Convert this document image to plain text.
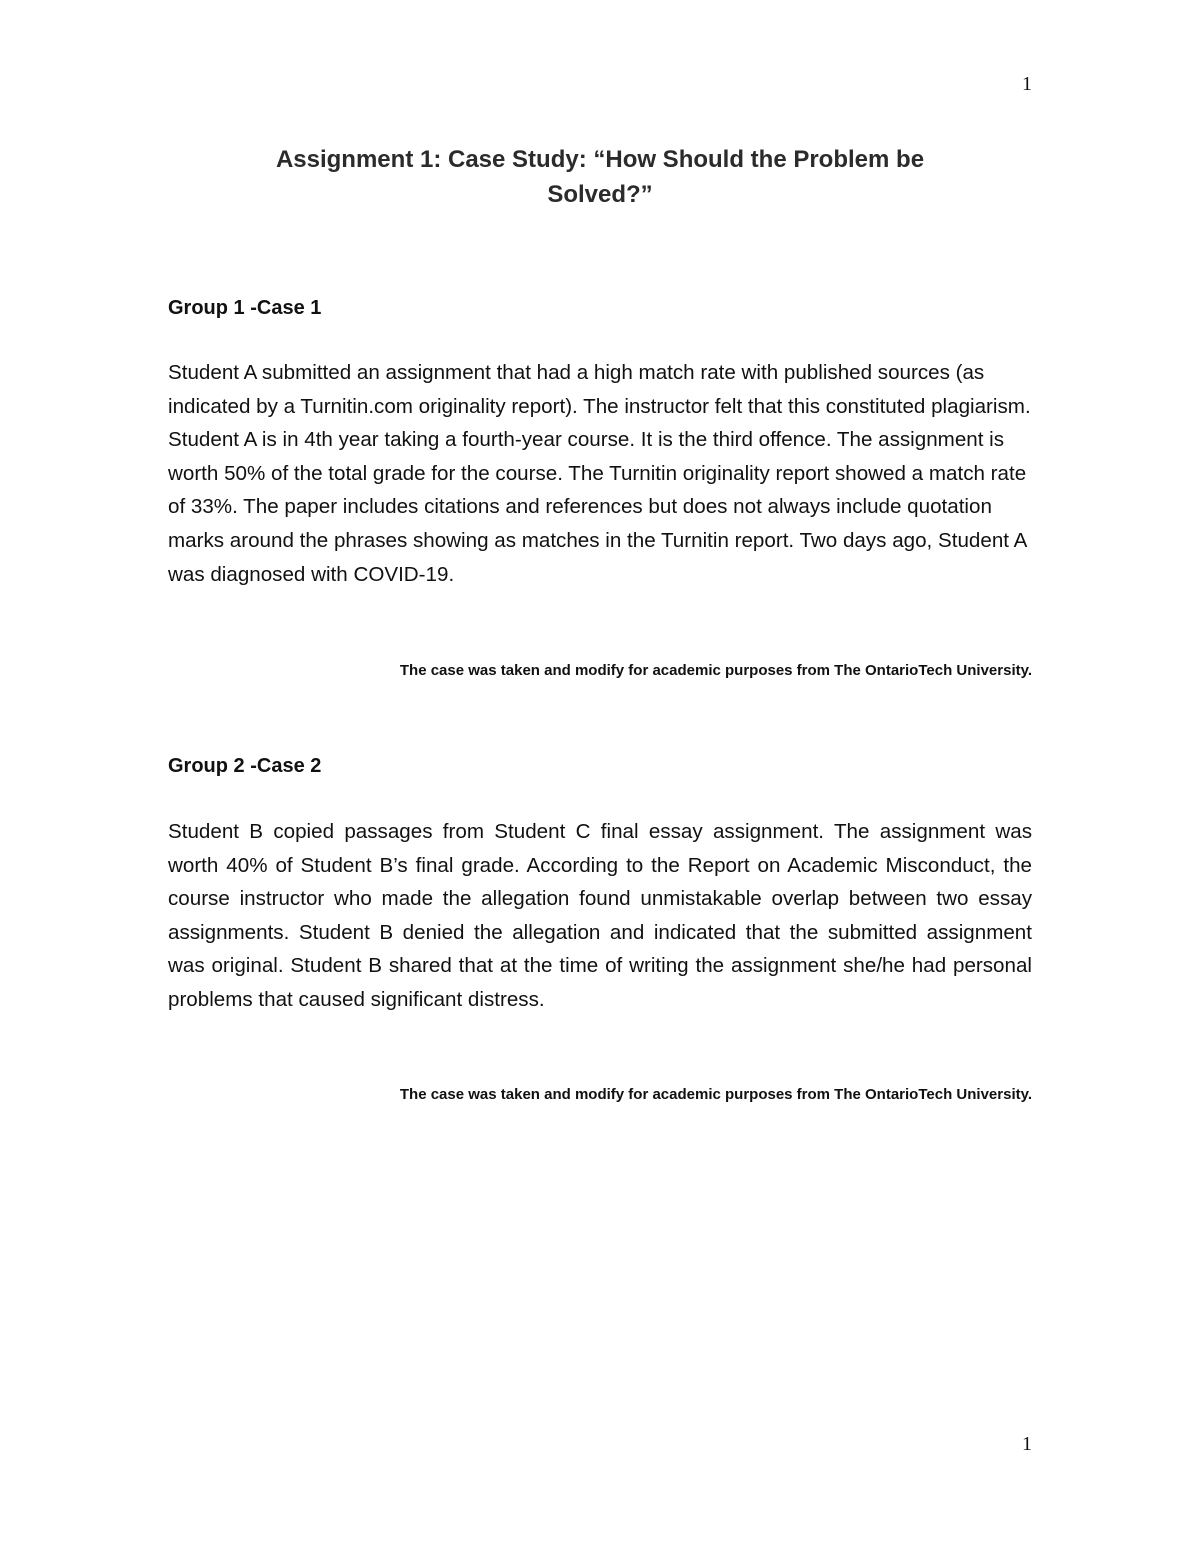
1
Assignment 1: Case Study: “How Should the Problem be
Solved?”
Group 1 -Case 1

Student A submitted an assignment that had a high match rate with published sources (as indicated by a Turnitin.com originality report). The instructor felt that this constituted plagiarism. Student A is in 4th year taking a fourth-year course. It is the third offence. The assignment is worth 50% of the total grade for the course. The Turnitin originality report showed a match rate of 33%. The paper includes citations and references but does not always include quotation marks around the phrases showing as matches in the Turnitin report. Two days ago, Student A was diagnosed with COVID-19.

The case was taken and modify for academic purposes from The OntarioTech University.

Group 2 -Case 2

Student B copied passages from Student C final essay assignment. The assignment was worth 40% of Student B’s final grade. According to the Report on Academic Misconduct, the course instructor who made the allegation found unmistakable overlap between two essay assignments. Student B denied the allegation and indicated that the submitted assignment was original. Student B shared that at the time of writing the assignment she/he had personal problems that caused significant distress.

The case was taken and modify for academic purposes from The OntarioTech University.

1
